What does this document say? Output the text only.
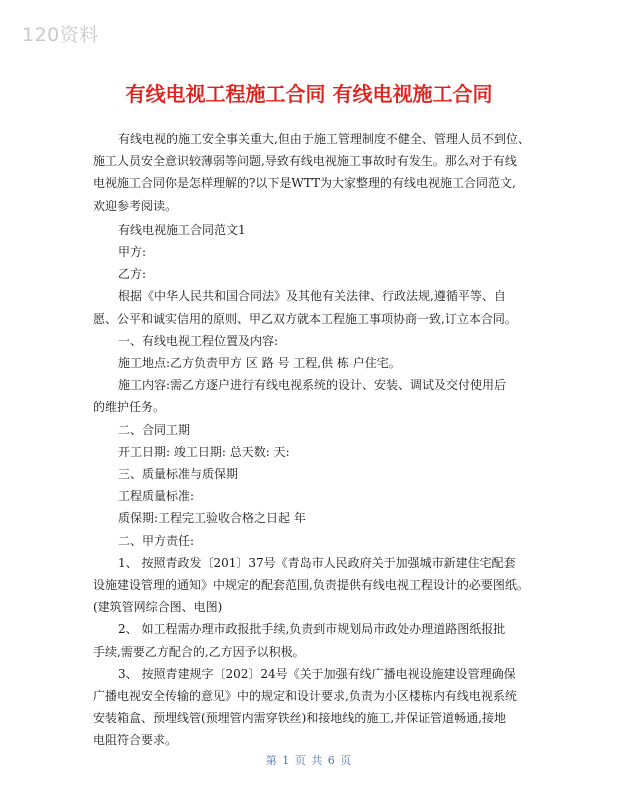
120资料
有线电视工程施工合同 有线电视施工合同

有线电视的施工安全事关重大,但由于施工管理制度不健全、管理人员不到位、

施工人员安全意识较薄弱等问题,导致有线电视施工事故时有发生。那么对于有线

电视施工合同你是怎样理解的?以下是WTT为大家整理的有线电视施工合同范文,

欢迎参考阅读。

有线电视施工合同范文1

甲方:

乙方:

根据《中华人民共和国合同法》及其他有关法律、行政法规,遵循平等、自

愿、公平和诚实信用的原则、甲乙双方就本工程施工事项协商一致,订立本合同。

一、有线电视工程位置及内容:

施工地点:乙方负责甲方 区 路 号 工程,供 栋 户住宅。

施工内容:需乙方逐户进行有线电视系统的设计、安装、调试及交付使用后

的维护任务。

二、合同工期

开工日期: 竣工日期: 总天数: 天:

三、质量标准与质保期

工程质量标准:

质保期:工程完工验收合格之日起 年

二、甲方责任:

1、 按照青政发〔201〕37号《青岛市人民政府关于加强城市新建住宅配套

设施建设管理的通知》中规定的配套范围,负责提供有线电视工程设计的必要图纸。

(建筑管网综合图、电图)

2、 如工程需办理市政报批手续,负责到市规划局市政处办理道路图纸报批

手续,需要乙方配合的,乙方因予以积极。

3、 按照青建规字〔202〕24号《关于加强有线广播电视设施建设管理确保

广播电视安全传输的意见》中的规定和设计要求,负责为小区楼栋内有线电视系统

安装箱盒、预埋线管(预埋管内需穿铁丝)和接地线的施工,并保证管道畅通,接地

电阻符合要求。

第 1 页 共 6 页
